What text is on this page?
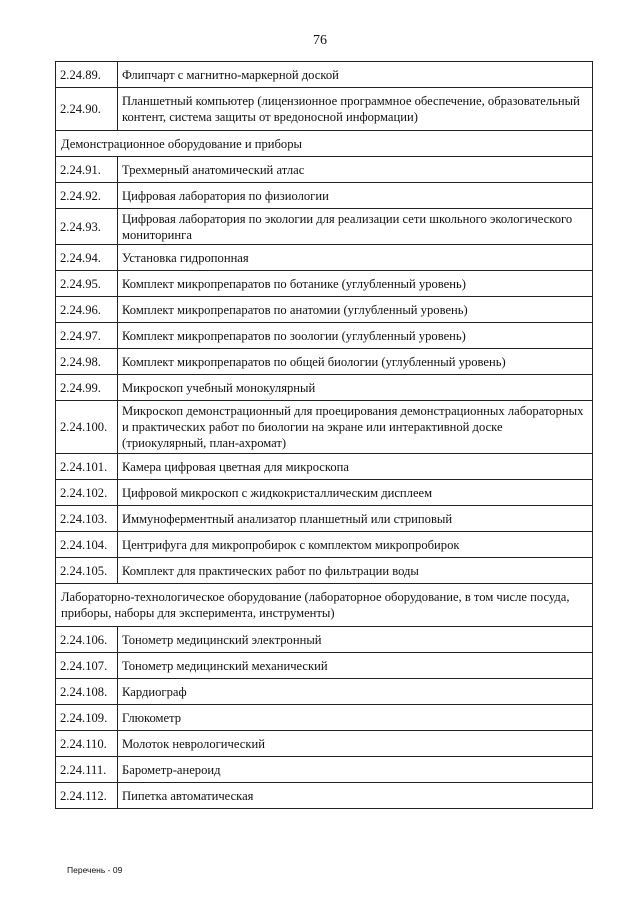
76
2.24.89.	Флипчарт с магнитно-маркерной доской
2.24.90.	Планшетный компьютер (лицензионное программное обеспечение, образовательный контент, система защиты от вредоносной информации)
Демонстрационное оборудование и приборы	
2.24.91.	Трехмерный анатомический атлас
2.24.92.	Цифровая лаборатория по физиологии
2.24.93.	Цифровая лаборатория по экологии для реализации сети школьного экологического мониторинга
2.24.94.	Установка гидропонная
2.24.95.	Комплект микропрепаратов по ботанике (углубленный уровень)
2.24.96.	Комплект микропрепаратов по анатомии (углубленный уровень)
2.24.97.	Комплект микропрепаратов по зоологии (углубленный уровень)
2.24.98.	Комплект микропрепаратов по общей биологии (углубленный уровень)
2.24.99.	Микроскоп учебный монокулярный
2.24.100.	Микроскоп демонстрационный для проецирования демонстрационных лабораторных и практических работ по биологии на экране или интерактивной доске (триокулярный, план-ахромат)
2.24.101.	Камера цифровая цветная для микроскопа
2.24.102.	Цифровой микроскоп с жидкокристаллическим дисплеем
2.24.103.	Иммуноферментный анализатор планшетный или стриповый
2.24.104.	Центрифуга для микропробирок с комплектом микропробирок
2.24.105.	Комплект для практических работ по фильтрации воды
Лабораторно-технологическое оборудование (лабораторное оборудование, в том числе посуда, приборы, наборы для эксперимента, инструменты)	
2.24.106.	Тонометр медицинский электронный
2.24.107.	Тонометр медицинский механический
2.24.108.	Кардиограф
2.24.109.	Глюкометр
2.24.110.	Молоток неврологический
2.24.111.	Барометр-анероид
2.24.112.	Пипетка автоматическая
Перечень - 09
